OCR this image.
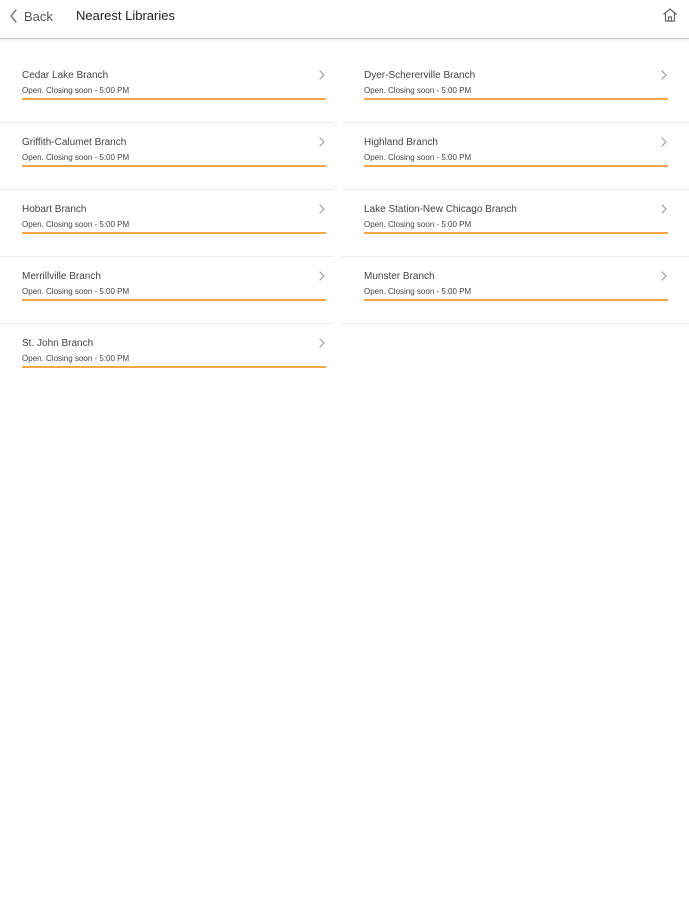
Back Nearest Libraries
Cedar Lake Branch
Open. Closing soon - 5:00 PM
Dyer-Schererville Branch
Open. Closing soon - 5:00 PM
Griffith-Calumet Branch
Open. Closing soon - 5:00 PM
Highland Branch
Open. Closing soon - 5:00 PM
Hobart Branch
Open. Closing soon - 5:00 PM
Lake Station-New Chicago Branch
Open. Closing soon - 5:00 PM
Merrillville Branch
Open. Closing soon - 5:00 PM
Munster Branch
Open. Closing soon - 5:00 PM
St. John Branch
Open. Closing soon - 5:00 PM
